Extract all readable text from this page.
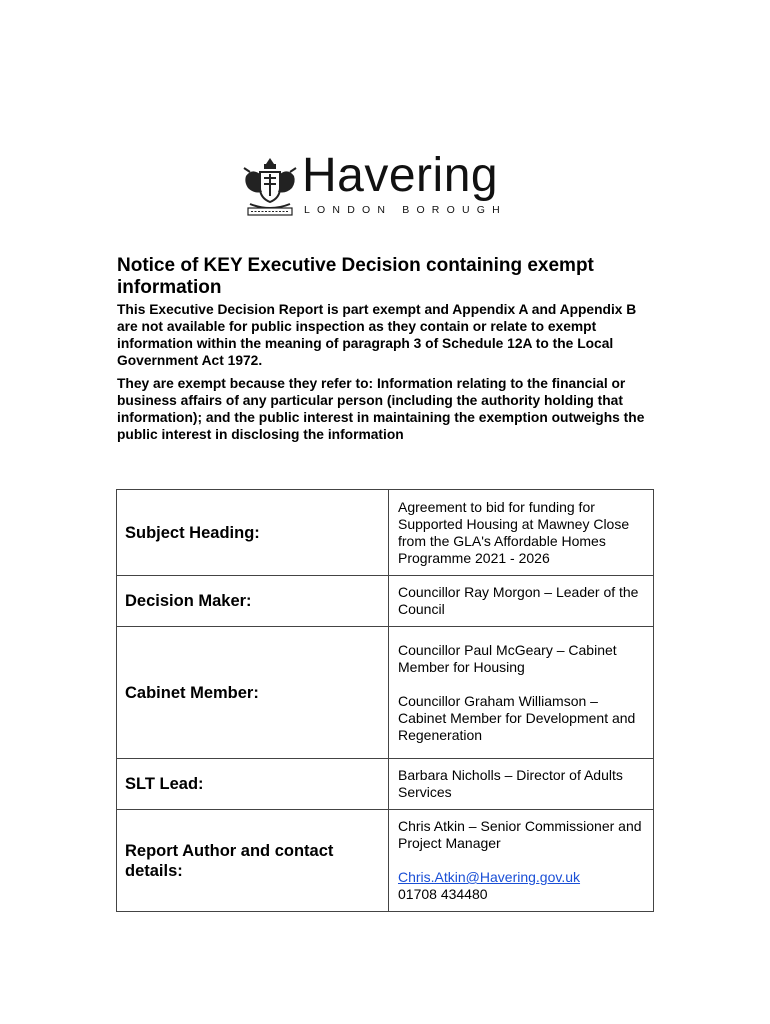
Havering
LONDON BOROUGH
Notice of KEY Executive Decision containing exempt information

This Executive Decision Report is part exempt and Appendix A and Appendix B are not available for public inspection as they contain or relate to exempt information within the meaning of paragraph 3 of Schedule 12A to the Local Government Act 1972.

They are exempt because they refer to: Information relating to the financial or business affairs of any particular person (including the authority holding that information); and the public interest in maintaining the exemption outweighs the public interest in disclosing the information

Subject Heading:	Agreement to bid for funding for Supported Housing at Mawney Close from the GLA's Affordable Homes Programme 2021 - 2026
Decision Maker:	Councillor Ray Morgon – Leader of the Council
Cabinet Member:	Councillor Paul McGeary – Cabinet Member for Housing
Councillor Graham Williamson – Cabinet Member for Development and Regeneration

SLT Lead:	Barbara Nicholls – Director of Adults Services
Report Author and contact details:	Chris Atkin – Senior Commissioner and Project Manager
Chris.Atkin@Havering.gov.uk
01708 434480
